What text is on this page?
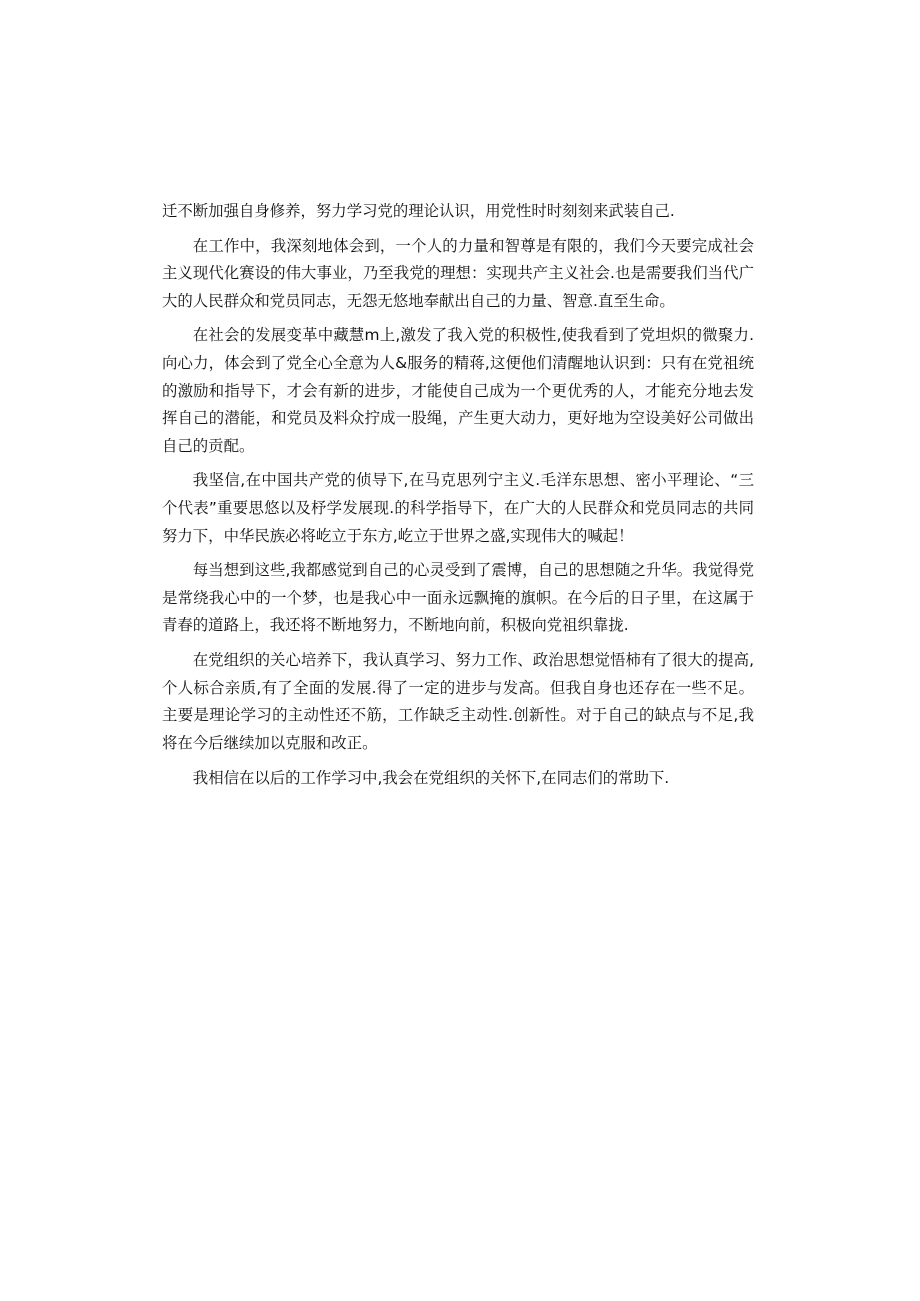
迁不断加强自身修养，努力学习党的理论认识，用党性时时刻刻来武装自己.

在工作中，我深刻地体会到，一个人的力量和智尊是有限的，我们今天要完成社会主义现代化赛设的伟大事业，乃至我党的理想：实现共产主义社会.也是需要我们当代广大的人民群众和党员同志，无怨无悠地奉献出自己的力量、智意.直至生命。

在社会的发展变革中藏慧m上,激发了我入党的积极性,使我看到了党坦炽的微聚力.向心力，体会到了党全心全意为人&服务的精蒋,这便他们清醒地认识到：只有在党祖统的激励和指导下，才会有新的进步，才能使自己成为一个更优秀的人，才能充分地去发挥自己的潜能，和党员及料众拧成一股绳，产生更大动力，更好地为空设美好公司做出自己的贡配。

我坚信,在中国共产党的侦导下,在马克思列宁主义.毛洋东思想、密小平理论、“三个代表”重要思悠以及杼学发展现.的科学指导下，在广大的人民群众和党员同志的共同努力下，中华民族必将屹立于东方,屹立于世界之盛,实现伟大的喊起！

每当想到这些,我都感觉到自己的心灵受到了震博，自己的思想随之升华。我觉得党是常绕我心中的一个梦，也是我心中一面永远飘掩的旗帜。在今后的日子里，在这属于青春的道路上，我还将不断地努力，不断地向前，积极向党祖织靠拢.

在党组织的关心培养下，我认真学习、努力工作、政治思想觉悟柿有了很大的提高,个人标合亲质,有了全面的发展.得了一定的进步与发高。但我自身也还存在一些不足。主要是理论学习的主动性还不筋，工作缺乏主动性.创新性。对于自己的缺点与不足,我将在今后继续加以克服和改正。

我相信在以后的工作学习中,我会在党组织的关怀下,在同志们的常助下.
